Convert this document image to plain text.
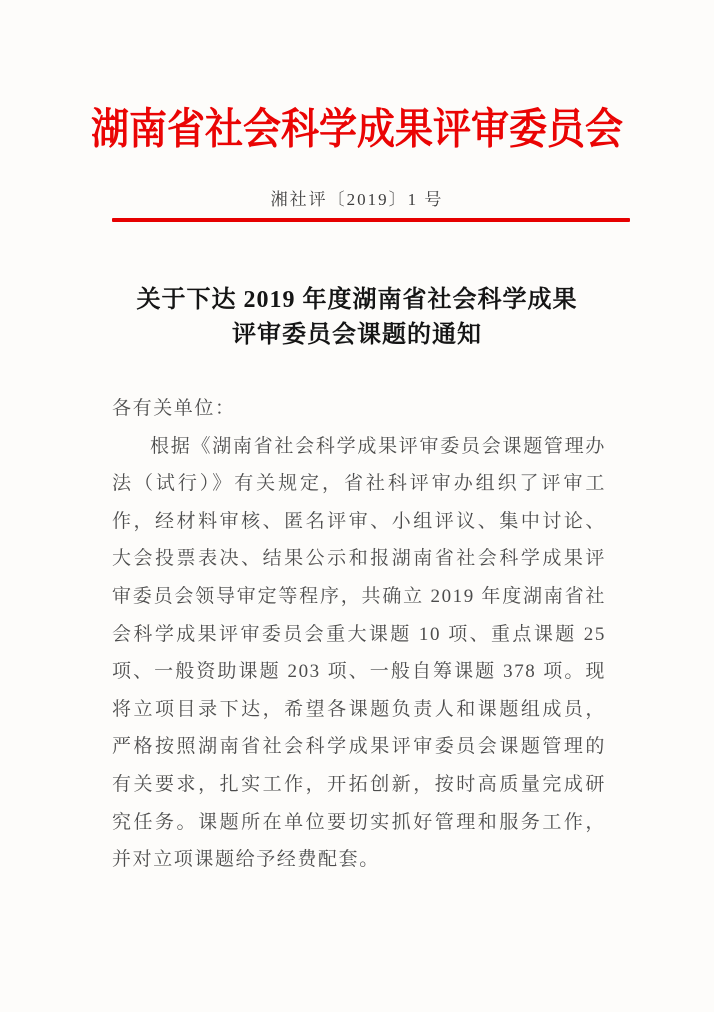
湖南省社会科学成果评审委员会
湘社评〔2019〕1 号
关于下达 2019 年度湖南省社会科学成果
评审委员会课题的通知

各有关单位：

根据《湖南省社会科学成果评审委员会课题管理办法（试行）》有关规定，省社科评审办组织了评审工作，经材料审核、匿名评审、小组评议、集中讨论、大会投票表决、结果公示和报湖南省社会科学成果评审委员会领导审定等程序，共确立 2019 年度湖南省社会科学成果评审委员会重大课题 10 项、重点课题 25 项、一般资助课题 203 项、一般自筹课题 378 项。现将立项目录下达，希望各课题负责人和课题组成员，严格按照湖南省社会科学成果评审委员会课题管理的有关要求，扎实工作，开拓创新，按时高质量完成研究任务。课题所在单位要切实抓好管理和服务工作，并对立项课题给予经费配套。
